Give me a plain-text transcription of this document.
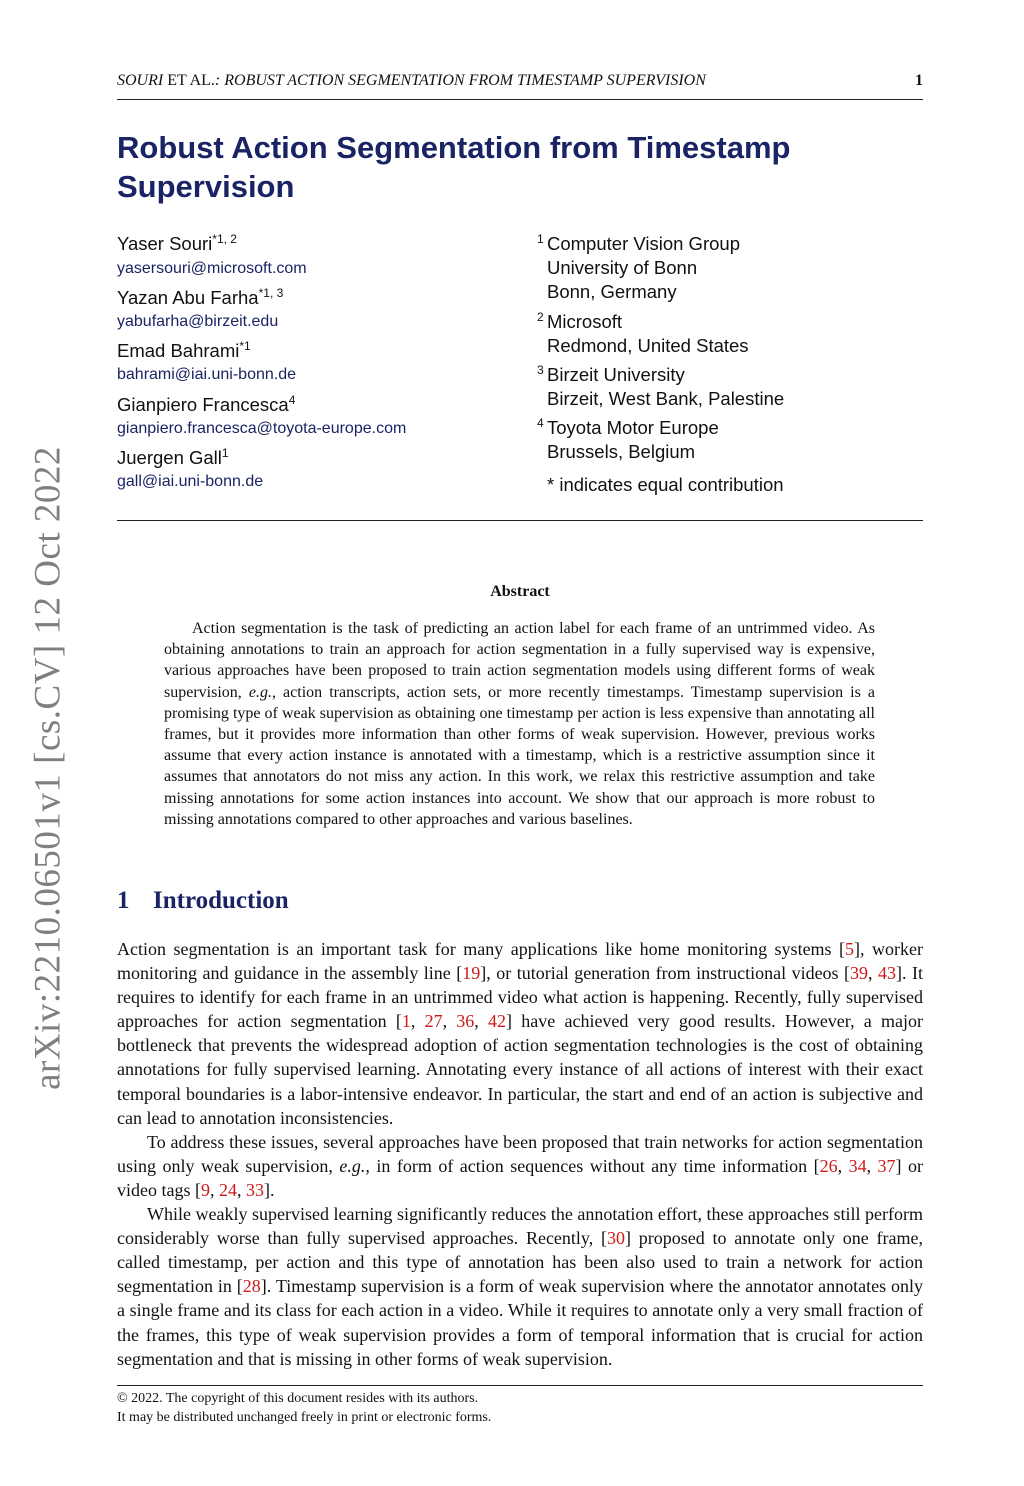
SOURI ET AL.: ROBUST ACTION SEGMENTATION FROM TIMESTAMP SUPERVISION	1
Robust Action Segmentation from Timestamp Supervision
Yaser Souri$^{*1, 2}$
yasersouri@microsoft.com
Yazan Abu Farha$^{*1, 3}$
yabufarha@birzeit.edu
Emad Bahrami$^{*1}$
bahrami@iai.uni-bonn.de
Gianpiero Francesca$^4$
gianpiero.francesca@toyota-europe.com
Juergen Gall$^1$
gall@iai.uni-bonn.de
1 Computer Vision Group
University of Bonn
Bonn, Germany
2 Microsoft
Redmond, United States
3 Birzeit University
Birzeit, West Bank, Palestine
4 Toyota Motor Europe
Brussels, Belgium
* indicates equal contribution
Abstract

Action segmentation is the task of predicting an action label for each frame of an untrimmed video. As obtaining annotations to train an approach for action segmentation in a fully supervised way is expensive, various approaches have been proposed to train action segmentation models using different forms of weak supervision, e.g., action transcripts, action sets, or more recently timestamps. Timestamp supervision is a promising type of weak supervision as obtaining one timestamp per action is less expensive than annotating all frames, but it provides more information than other forms of weak supervision. However, previous works assume that every action instance is annotated with a timestamp, which is a restrictive assumption since it assumes that annotators do not miss any action. In this work, we relax this restrictive assumption and take missing annotations for some action instances into account. We show that our approach is more robust to missing annotations compared to other approaches and various baselines.

1 Introduction

Action segmentation is an important task for many applications like home monitoring systems [5], worker monitoring and guidance in the assembly line [19], or tutorial generation from instructional videos [39, 43]. It requires to identify for each frame in an untrimmed video what action is happening. Recently, fully supervised approaches for action segmentation [1, 27, 36, 42] have achieved very good results. However, a major bottleneck that prevents the widespread adoption of action segmentation technologies is the cost of obtaining annotations for fully supervised learning. Annotating every instance of all actions of interest with their exact temporal boundaries is a labor-intensive endeavor. In particular, the start and end of an action is subjective and can lead to annotation inconsistencies.

To address these issues, several approaches have been proposed that train networks for action segmentation using only weak supervision, e.g., in form of action sequences without any time information [26, 34, 37] or video tags [9, 24, 33].

While weakly supervised learning significantly reduces the annotation effort, these approaches still perform considerably worse than fully supervised approaches. Recently, [30] proposed to annotate only one frame, called timestamp, per action and this type of annotation has been also used to train a network for action segmentation in [28]. Timestamp supervision is a form of weak supervision where the annotator annotates only a single frame and its class for each action in a video. While it requires to annotate only a very small fraction of the frames, this type of weak supervision provides a form of temporal information that is crucial for action segmentation and that is missing in other forms of weak supervision.

© 2022. The copyright of this document resides with its authors.
It may be distributed unchanged freely in print or electronic forms.
arXiv:2210.06501v1 [cs.CV] 12 Oct 2022
